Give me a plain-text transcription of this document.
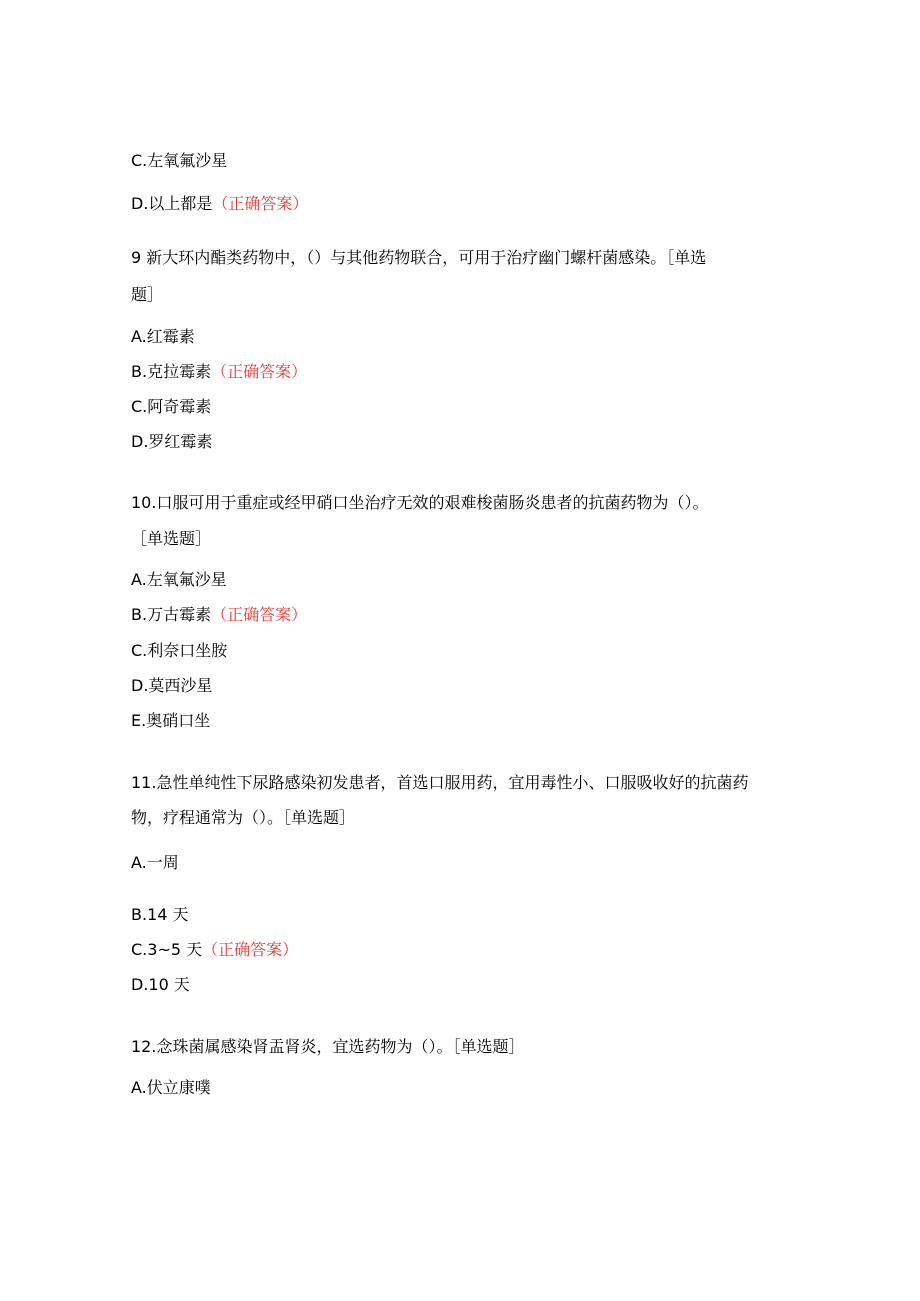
C.左氧氟沙星
D.以上都是（正确答案）
9 新大环内酯类药物中，（）与其他药物联合，可用于治疗幽门螺杆菌感染。［单选
题］
A.红霉素
B.克拉霉素（正确答案）
C.阿奇霉素
D.罗红霉素
10.口服可用于重症或经甲硝口坐治疗无效的艰难梭菌肠炎患者的抗菌药物为（）。
［单选题］
A.左氧氟沙星
B.万古霉素（正确答案）
C.利奈口坐胺
D.莫西沙星
E.奥硝口坐
11.急性单纯性下尿路感染初发患者，首选口服用药，宜用毒性小、口服吸收好的抗菌药
物，疗程通常为（）。［单选题］
A.一周
B.14 天
C.3~5 天（正确答案）
D.10 天
12.念珠菌属感染肾盂肾炎，宜选药物为（）。［单选题］
A.伏立康噗
